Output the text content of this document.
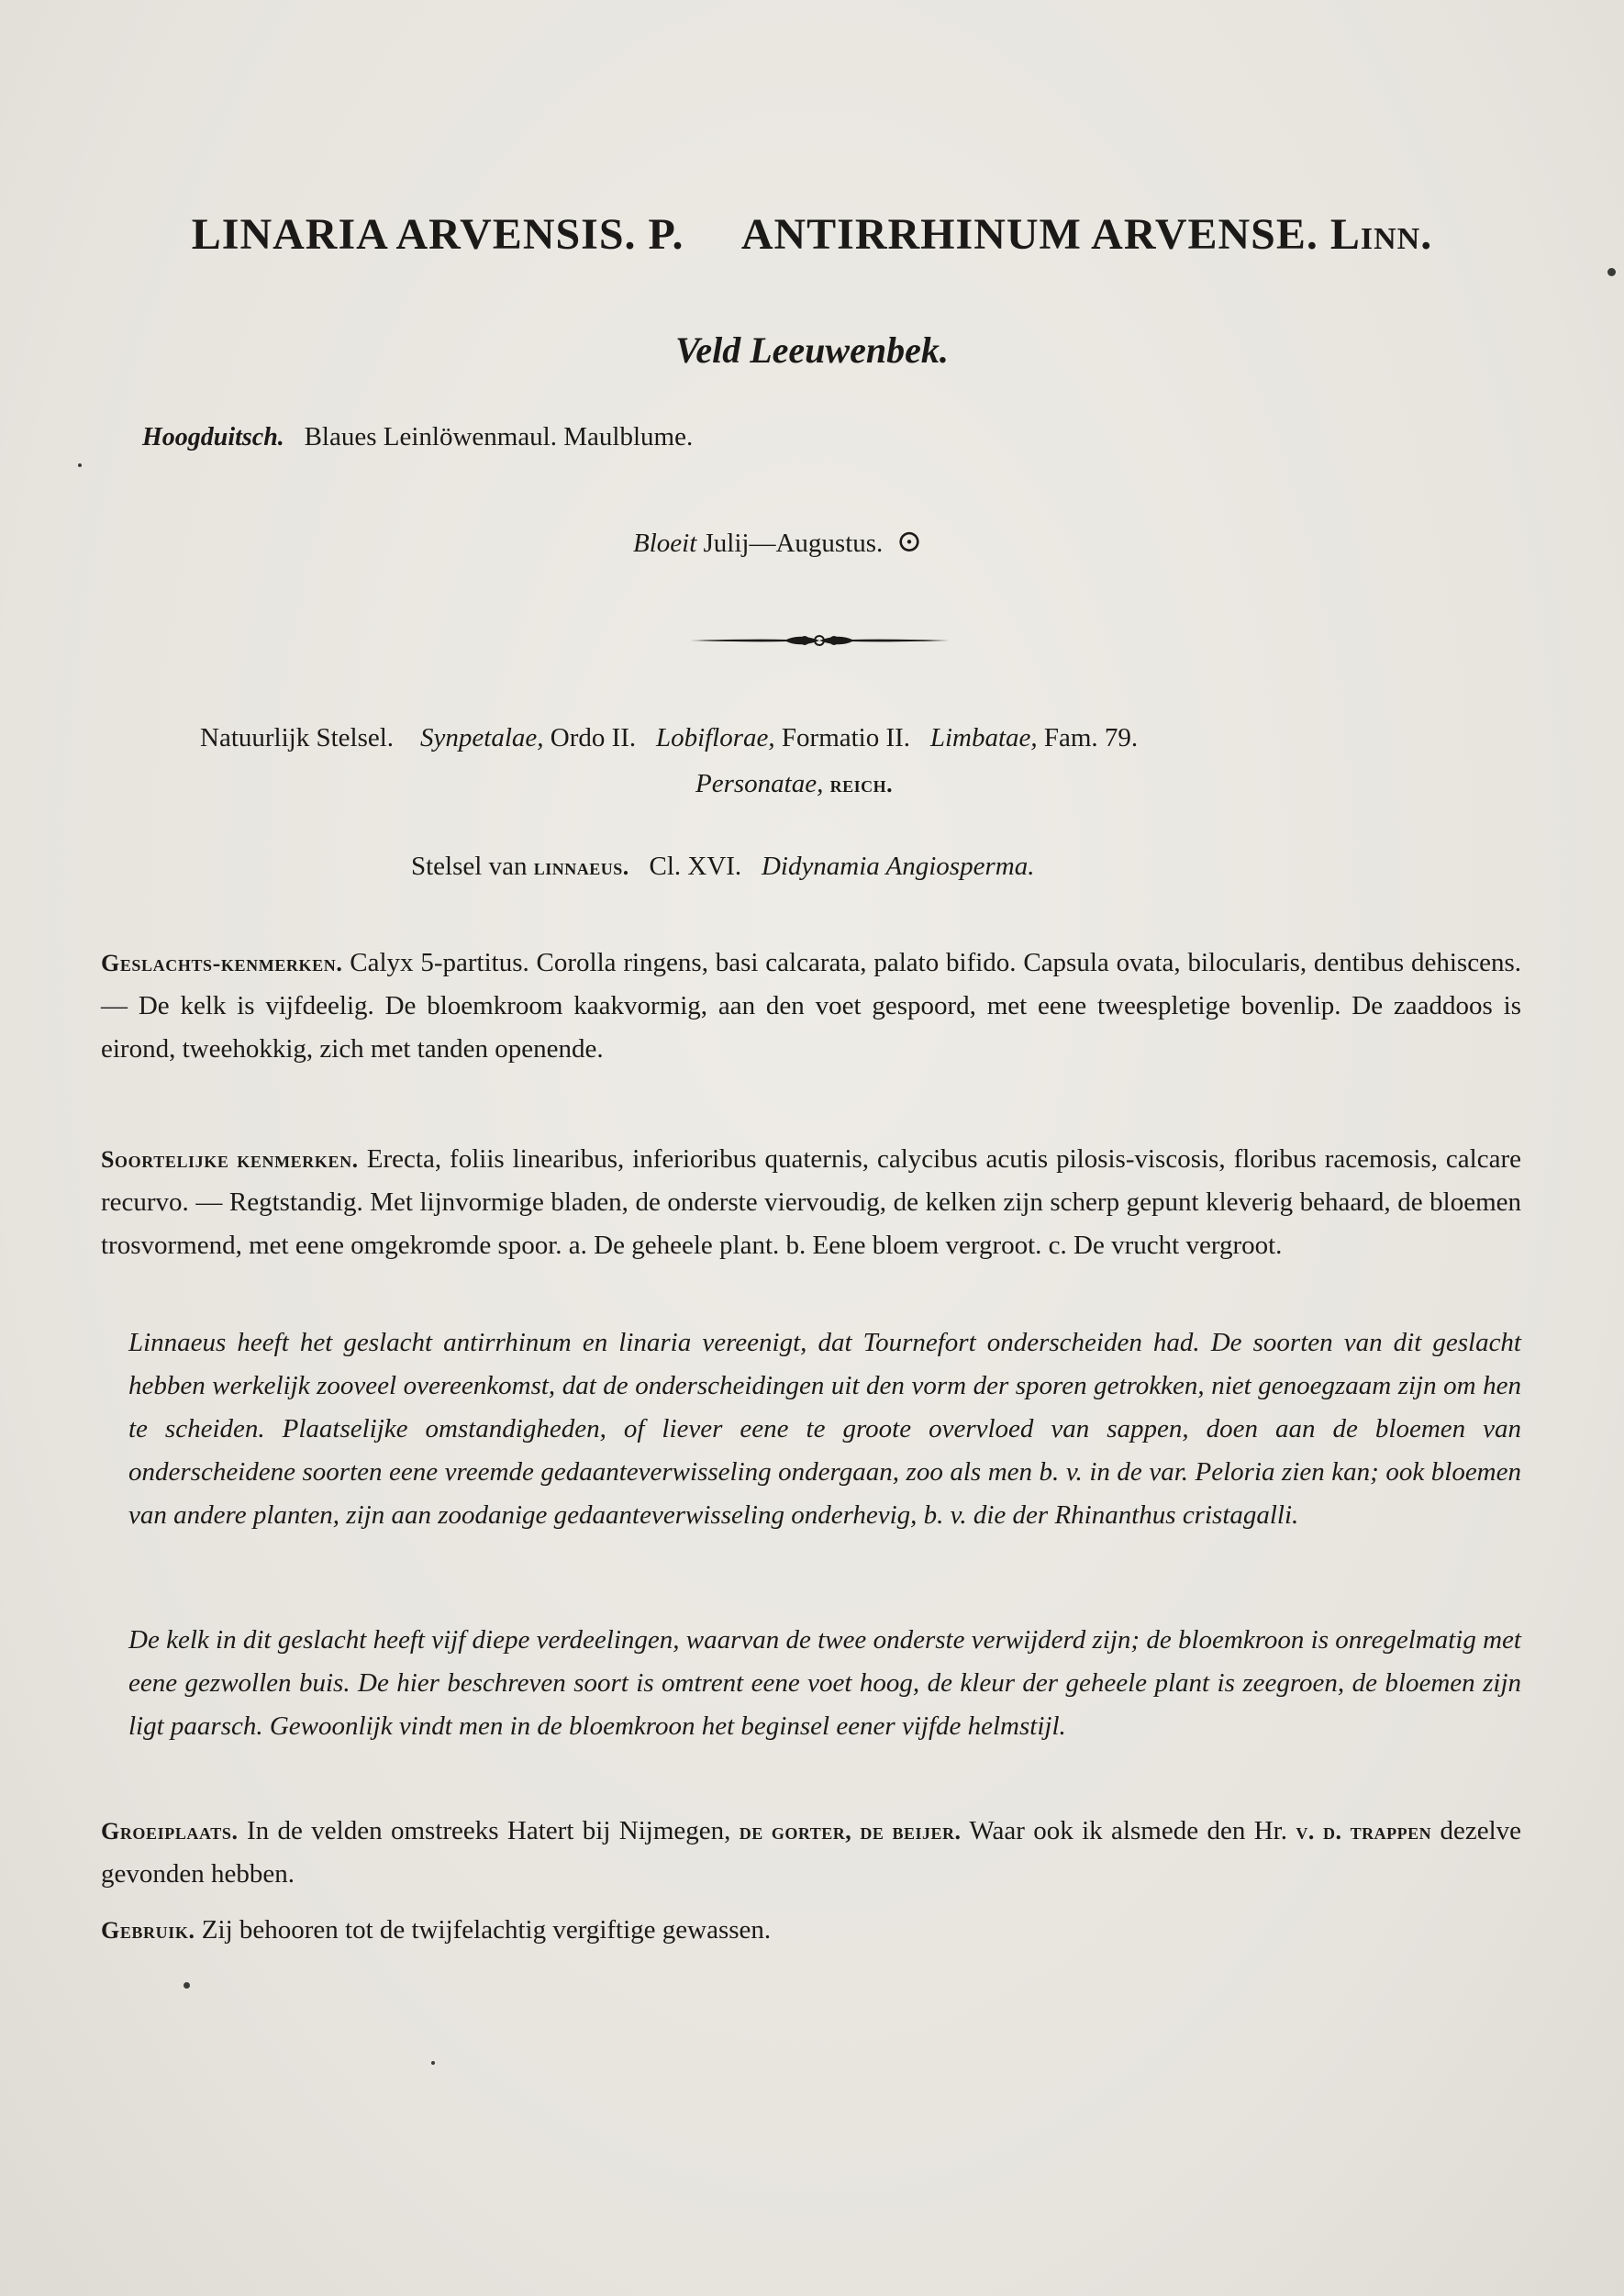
LINARIA ARVENSIS. P. ANTIRRHINUM ARVENSE. Linn.
Veld Leeuwenbek.
Hoogduitsch. Blaues Leinlöwenmaul. Maulblume.
Bloeit Julij—Augustus. ⊙
Natuurlijk Stelsel. Synpetalae, Ordo II. Lobiflorae, Formatio II. Limbatae, Fam. 79.
Personatae, reich.
Stelsel van linnaeus. Cl. XVI. Didynamia Angiosperma.
Geslachts-kenmerken. Calyx 5-partitus. Corolla ringens, basi calcarata, palato bifido. Capsula ovata, bilocularis, dentibus dehiscens. — De kelk is vijfdeelig. De bloemkroom kaakvormig, aan den voet gespoord, met eene tweespletige bovenlip. De zaaddoos is eirond, tweehokkig, zich met tanden openende.
Soortelijke kenmerken. Erecta, foliis linearibus, inferioribus quaternis, calycibus acutis pilosis-viscosis, floribus racemosis, calcare recurvo. — Regtstandig. Met lijnvormige bladen, de onderste viervoudig, de kelken zijn scherp gepunt kleverig behaard, de bloemen trosvormend, met eene omgekromde spoor. a. De geheele plant. b. Eene bloem vergroot. c. De vrucht vergroot.
Linnaeus heeft het geslacht antirrhinum en linaria vereenigt, dat Tournefort onderscheiden had. De soorten van dit geslacht hebben werkelijk zooveel overeenkomst, dat de onderscheidingen uit den vorm der sporen getrokken, niet genoegzaam zijn om hen te scheiden. Plaatselijke omstandigheden, of liever eene te groote overvloed van sappen, doen aan de bloemen van onderscheidene soorten eene vreemde gedaanteverwisseling ondergaan, zoo als men b. v. in de var. Peloria zien kan; ook bloemen van andere planten, zijn aan zoodanige gedaanteverwisseling onderhevig, b. v. die der Rhinanthus cristagalli.
De kelk in dit geslacht heeft vijf diepe verdeelingen, waarvan de twee onderste verwijderd zijn; de bloemkroon is onregelmatig met eene gezwollen buis. De hier beschreven soort is omtrent eene voet hoog, de kleur der geheele plant is zeegroen, de bloemen zijn ligt paarsch. Gewoonlijk vindt men in de bloemkroon het beginsel eener vijfde helmstijl.
Groeiplaats. In de velden omstreeks Hatert bij Nijmegen, de gorter, de beijer. Waar ook ik alsmede den Hr. v. d. trappen dezelve gevonden hebben.
Gebruik. Zij behooren tot de twijfelachtig vergiftige gewassen.
